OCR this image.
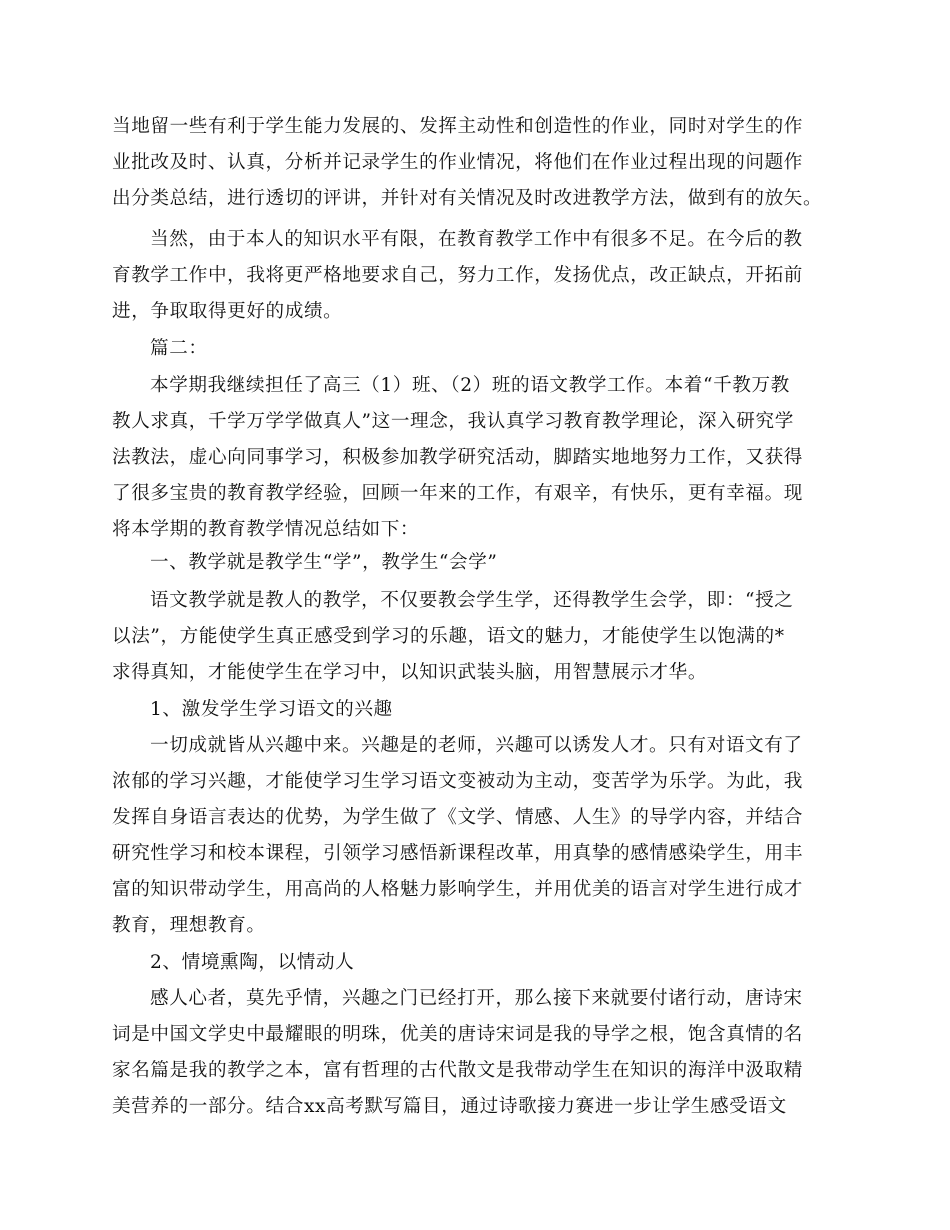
当地留一些有利于学生能力发展的、发挥主动性和创造性的作业，同时对学生的作
业批改及时、认真，分析并记录学生的作业情况，将他们在作业过程出现的问题作
出分类总结，进行透切的评讲，并针对有关情况及时改进教学方法，做到有的放矢。
当然，由于本人的知识水平有限，在教育教学工作中有很多不足。在今后的教
育教学工作中，我将更严格地要求自己，努力工作，发扬优点，改正缺点，开拓前
进，争取取得更好的成绩。
篇二：
本学期我继续担任了高三（1）班、（2）班的语文教学工作。本着“千教万教
教人求真，千学万学学做真人”这一理念，我认真学习教育教学理论，深入研究学
法教法，虚心向同事学习，积极参加教学研究活动，脚踏实地地努力工作，又获得
了很多宝贵的教育教学经验，回顾一年来的工作，有艰辛，有快乐，更有幸福。现
将本学期的教育教学情况总结如下：
一、教学就是教学生“学”，教学生“会学”
语文教学就是教人的教学，不仅要教会学生学，还得教学生会学，即：“授之
以法”，方能使学生真正感受到学习的乐趣，语文的魅力，才能使学生以饱满的*
求得真知，才能使学生在学习中，以知识武装头脑，用智慧展示才华。
1、激发学生学习语文的兴趣
一切成就皆从兴趣中来。兴趣是的老师，兴趣可以诱发人才。只有对语文有了
浓郁的学习兴趣，才能使学习生学习语文变被动为主动，变苦学为乐学。为此，我
发挥自身语言表达的优势，为学生做了《文学、情感、人生》的导学内容，并结合
研究性学习和校本课程，引领学习感悟新课程改革，用真挚的感情感染学生，用丰
富的知识带动学生，用高尚的人格魅力影响学生，并用优美的语言对学生进行成才
教育，理想教育。
2、情境熏陶，以情动人
感人心者，莫先乎情，兴趣之门已经打开，那么接下来就要付诸行动，唐诗宋
词是中国文学史中最耀眼的明珠，优美的唐诗宋词是我的导学之根，饱含真情的名
家名篇是我的教学之本，富有哲理的古代散文是我带动学生在知识的海洋中汲取精
美营养的一部分。结合xx高考默写篇目，通过诗歌接力赛进一步让学生感受语文
